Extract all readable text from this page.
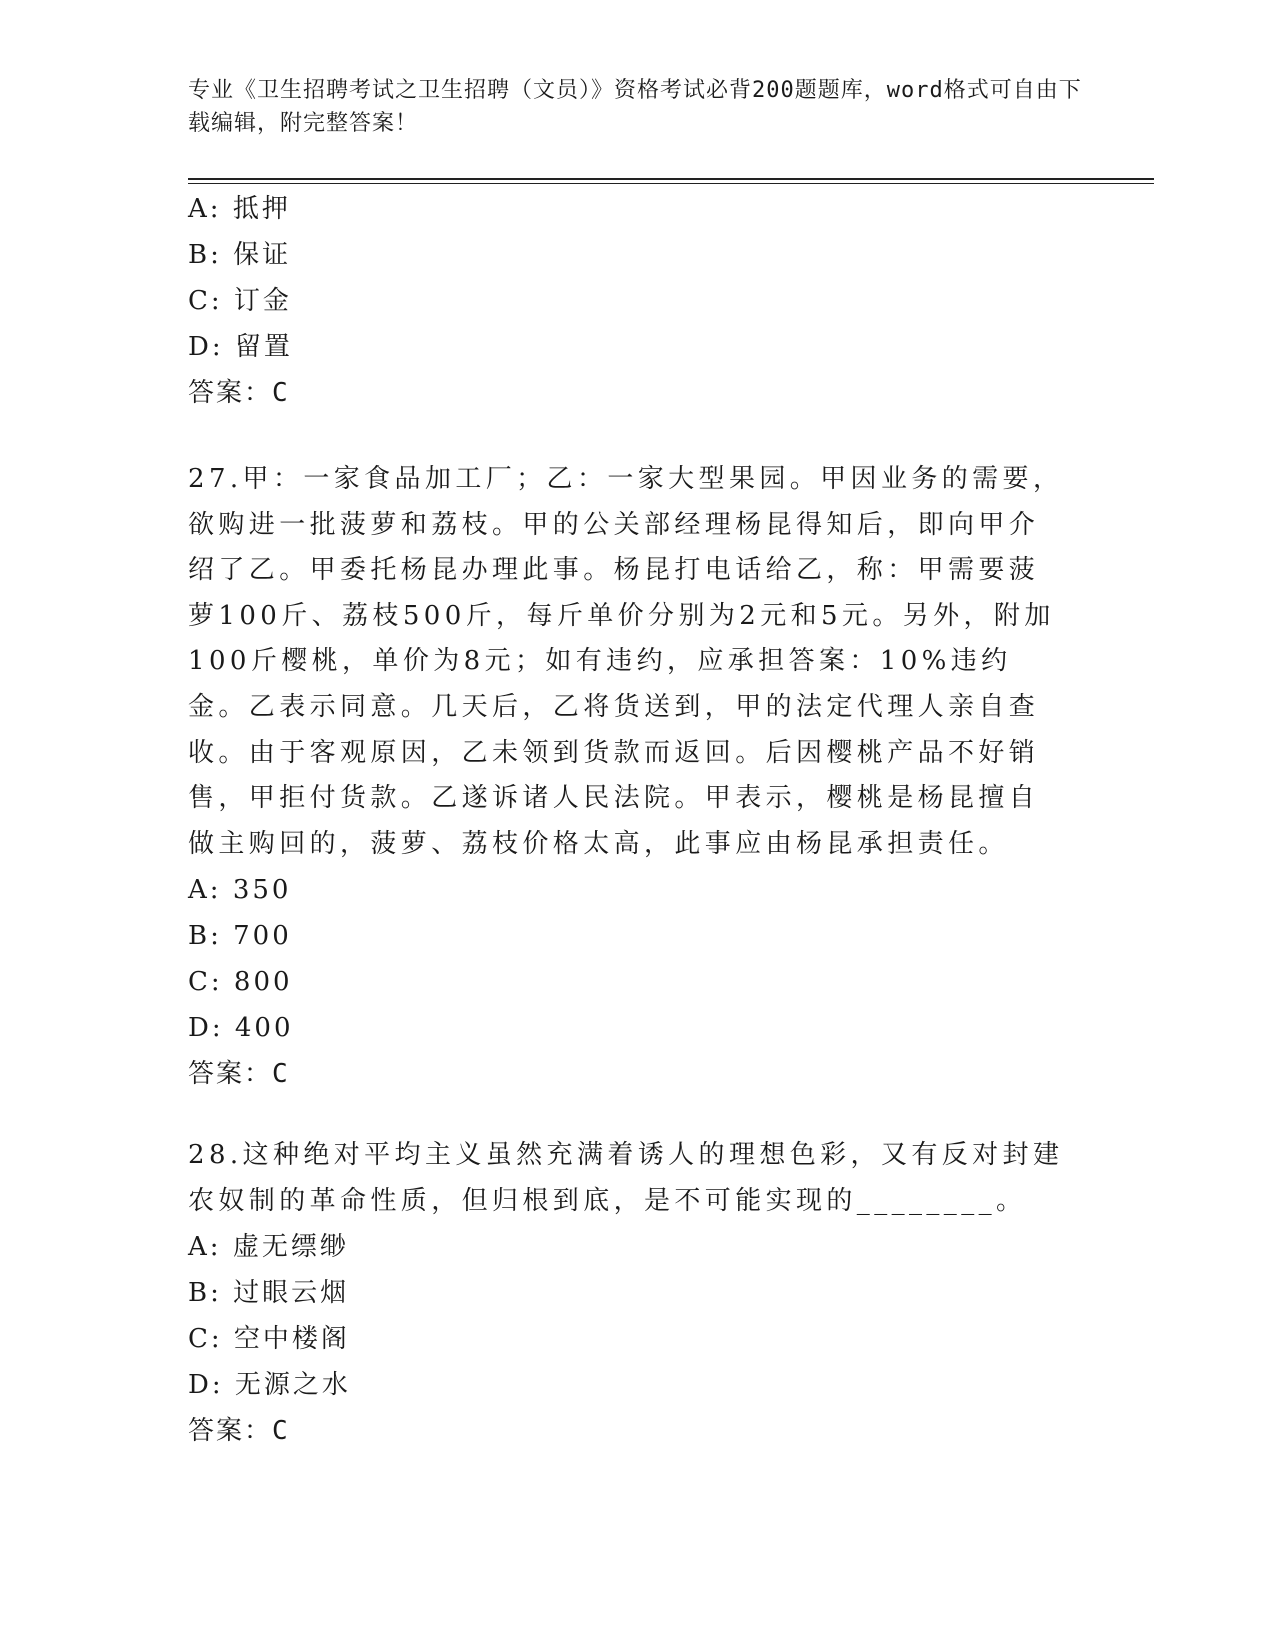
专业《卫生招聘考试之卫生招聘（文员）》资格考试必背200题题库，word格式可自由下载编辑，附完整答案！
A: 抵押
B: 保证
C: 订金
D: 留置
答案：C
27.甲：一家食品加工厂；乙：一家大型果园。甲因业务的需要，欲购进一批菠萝和荔枝。甲的公关部经理杨昆得知后，即向甲介绍了乙。甲委托杨昆办理此事。杨昆打电话给乙，称：甲需要菠萝100斤、荔枝500斤，每斤单价分别为2元和5元。另外，附加100斤樱桃，单价为8元；如有违约，应承担答案：10%违约金。乙表示同意。几天后，乙将货送到，甲的法定代理人亲自查收。由于客观原因，乙未领到货款而返回。后因樱桃产品不好销售，甲拒付货款。乙遂诉诸人民法院。甲表示，樱桃是杨昆擅自做主购回的，菠萝、荔枝价格太高，此事应由杨昆承担责任。
A: 350
B: 700
C: 800
D: 400
答案：C
28.这种绝对平均主义虽然充满着诱人的理想色彩，又有反对封建农奴制的革命性质，但归根到底，是不可能实现的________。
A: 虚无缥缈
B: 过眼云烟
C: 空中楼阁
D: 无源之水
答案：C
